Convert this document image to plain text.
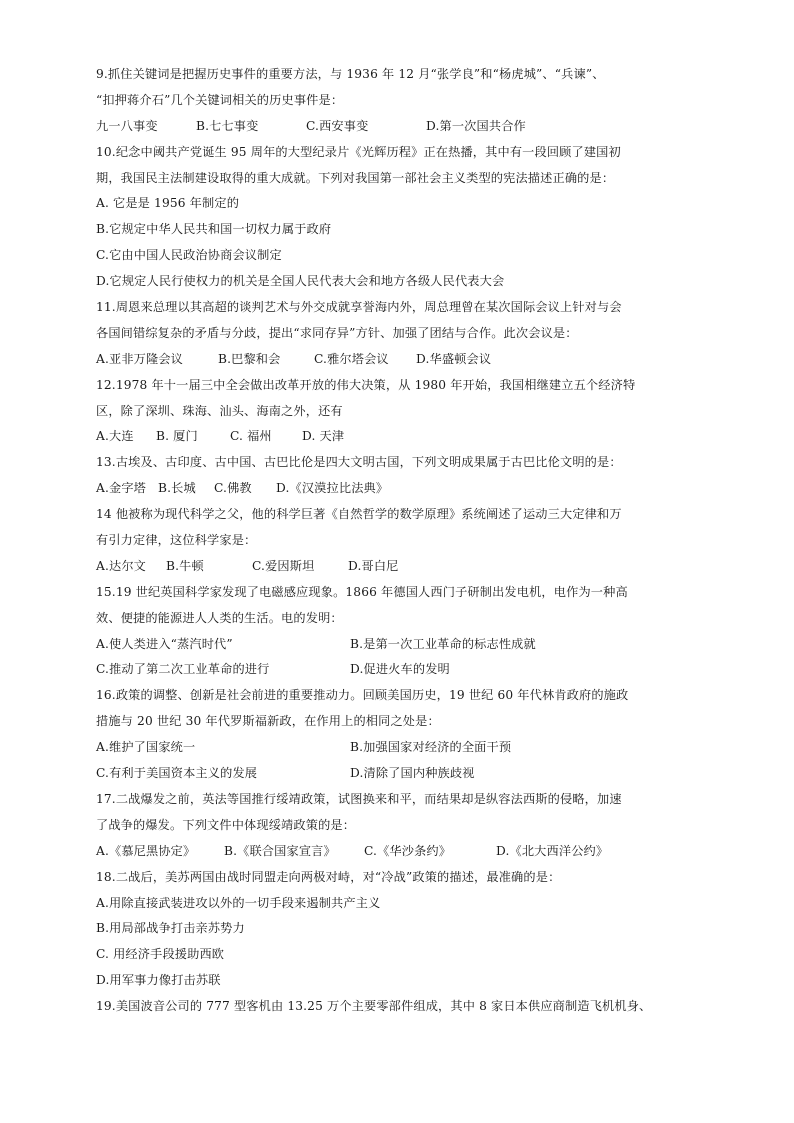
9.抓住关键词是把握历史事件的重要方法，与 1936 年 12 月“张学良”和“杨虎城”、“兵谏”、
“扣押蒋介石”几个关键词相关的历史事件是：
九一八事变	B.七七事变	C.西安事变	D.第一次国共合作
10.纪念中阈共产党诞生 95 周年的大型纪录片《光辉历程》正在热播，其中有一段回顾了建国初
期，我国民主法制建设取得的重大成就。下列对我国第一部社会主义类型的宪法描述正确的是：
A. 它是是 1956 年制定的
B.它规定中华人民共和国一切权力属于政府
C.它由中国人民政治协商会议制定
D.它规定人民行使权力的机关是全国人民代表大会和地方各级人民代表大会
11.周恩来总理以其高超的谈判艺术与外交成就享誉海内外，周总理曾在某次国际会议上针对与会
各国间错综复杂的矛盾与分歧，提出“求同存异”方针、加强了团结与合作。此次会议是：
A.亚非万隆会议	B.巴黎和会	C.雅尔塔会议	D.华盛顿会议
12.1978 年十一届三中全会做出改革开放的伟大决策，从 1980 年开始，我国相继建立五个经济特
区，除了深圳、珠海、汕头、海南之外，还有
A.大连	B. 厦门	C. 福州	D. 天津
13.古埃及、古印度、古中国、古巴比伦是四大文明古国，下列文明成果属于古巴比伦文明的是：
A.金字塔 B.长城	C.佛教	D.《汉漠拉比法典》
14 他被称为现代科学之父，他的科学巨著《自然哲学的数学原理》系统阐述了运动三大定律和万
有引力定律，这位科学家是：
A.达尔文	B.牛顿	C.爱因斯坦	D.哥白尼
15.19 世纪英国科学家发现了电磁感应现象。1866 年德国人西门子研制出发电机，电作为一种高
效、便捷的能源进人人类的生活。电的发明：
A.使人类进入“蒸汽时代”	B.是第一次工业革命的标志性成就
C.推动了第二次工业革命的进行	D.促进火车的发明
16.政策的调整、创新是社会前进的重要推动力。回顾美国历史，19 世纪 60 年代林肯政府的施政
措施与 20 世纪 30 年代罗斯福新政，在作用上的相同之处是：
A.维护了国家统一	B.加强国家对经济的全面干预
C.有利于美国资本主义的发展	D.清除了国内种族歧视
17.二战爆发之前，英法等国推行绥靖政策，试图换来和平，而结果却是纵容法西斯的侵略，加速
了战争的爆发。下列文件中体现绥靖政策的是：
A.《慕尼黑协定》	B.《联合国家宣言》	C.《华沙条约》	D.《北大西洋公约》
18.二战后，美苏两国由战时同盟走向两极对峙，对“冷战”政策的描述，最准确的是：
A.用除直接武装进攻以外的一切手段来遏制共产主义
B.用局部战争打击亲苏势力
C. 用经济手段援助西欧
D.用军事力像打击苏联
19.美国波音公司的 777 型客机由 13.25 万个主要零部件组成，其中 8 家日本供应商制造飞机机身、
